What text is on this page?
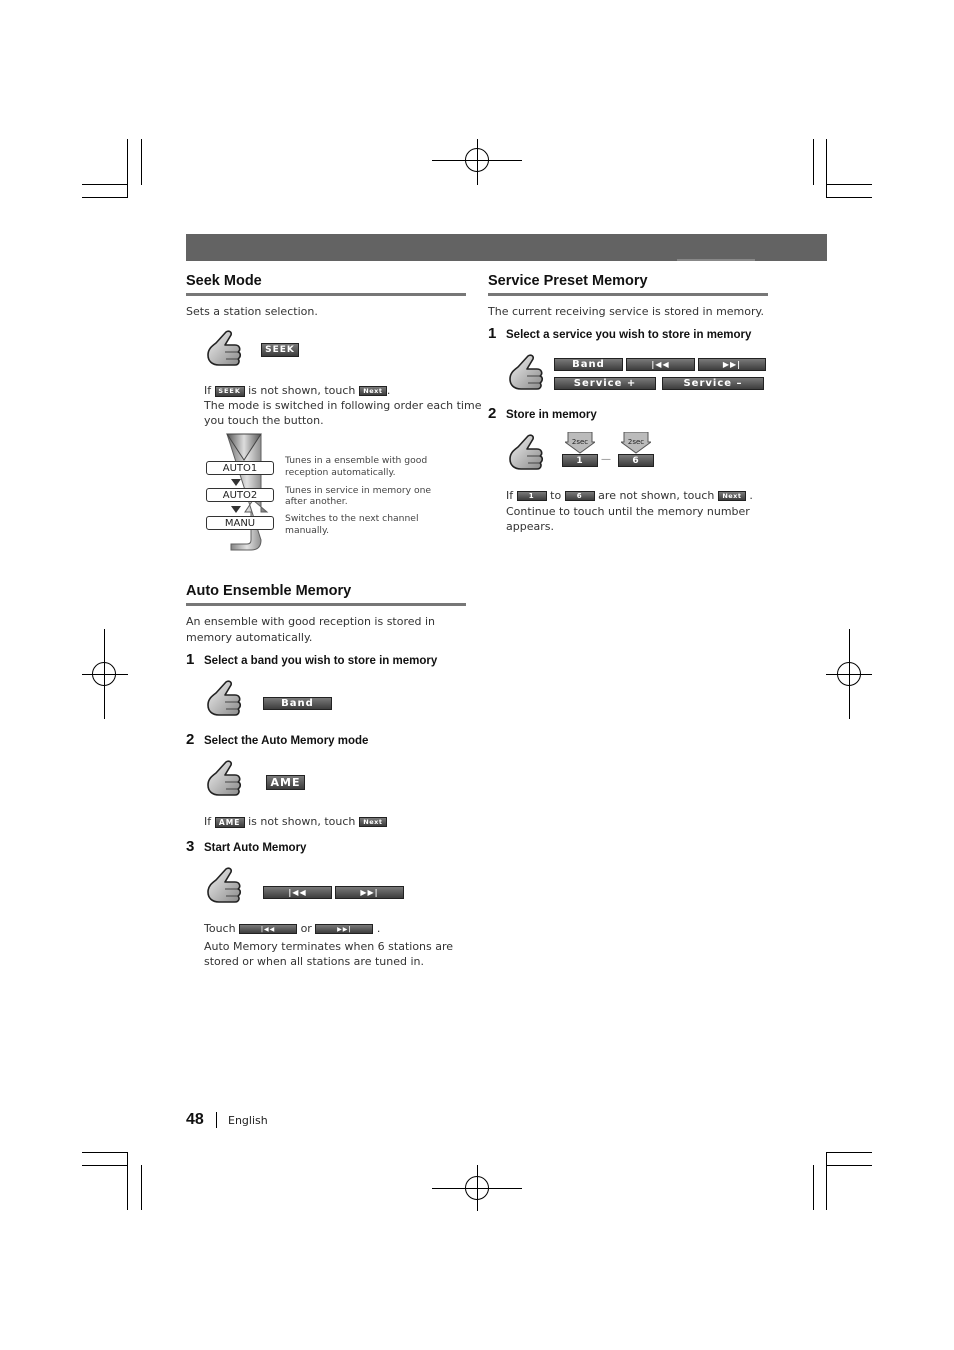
Seek Mode
Sets a station selection.
SEEK
If SEEK is not shown, touch Next .
The mode is switched in following order each time
you touch the button.
AUTO1
AUTO2
MANU
Tunes in a ensemble with good
reception automatically.
Tunes in service in memory one
after another.
Switches to the next channel
manually.
Auto Ensemble Memory
An ensemble with good reception is stored in
memory automatically.
1 Select a band you wish to store in memory
Band
2 Select the Auto Memory mode
AME
If AME is not shown, touch Next
3 Start Auto Memory
|◀◀	▶▶|
Touch	|◀◀ or	▶▶| .
Auto Memory terminates when 6 stations are
stored or when all stations are tuned in.
Service Preset Memory
The current receiving service is stored in memory.
1 Select a service you wish to store in memory
Band	|◀◀	▶▶|
Service +	Service –
2 Store in memory
2sec
1	—
2sec
6
If 1 to 6 are not shown, touch Next .
Continue to touch until the memory number
appears.
48 English
